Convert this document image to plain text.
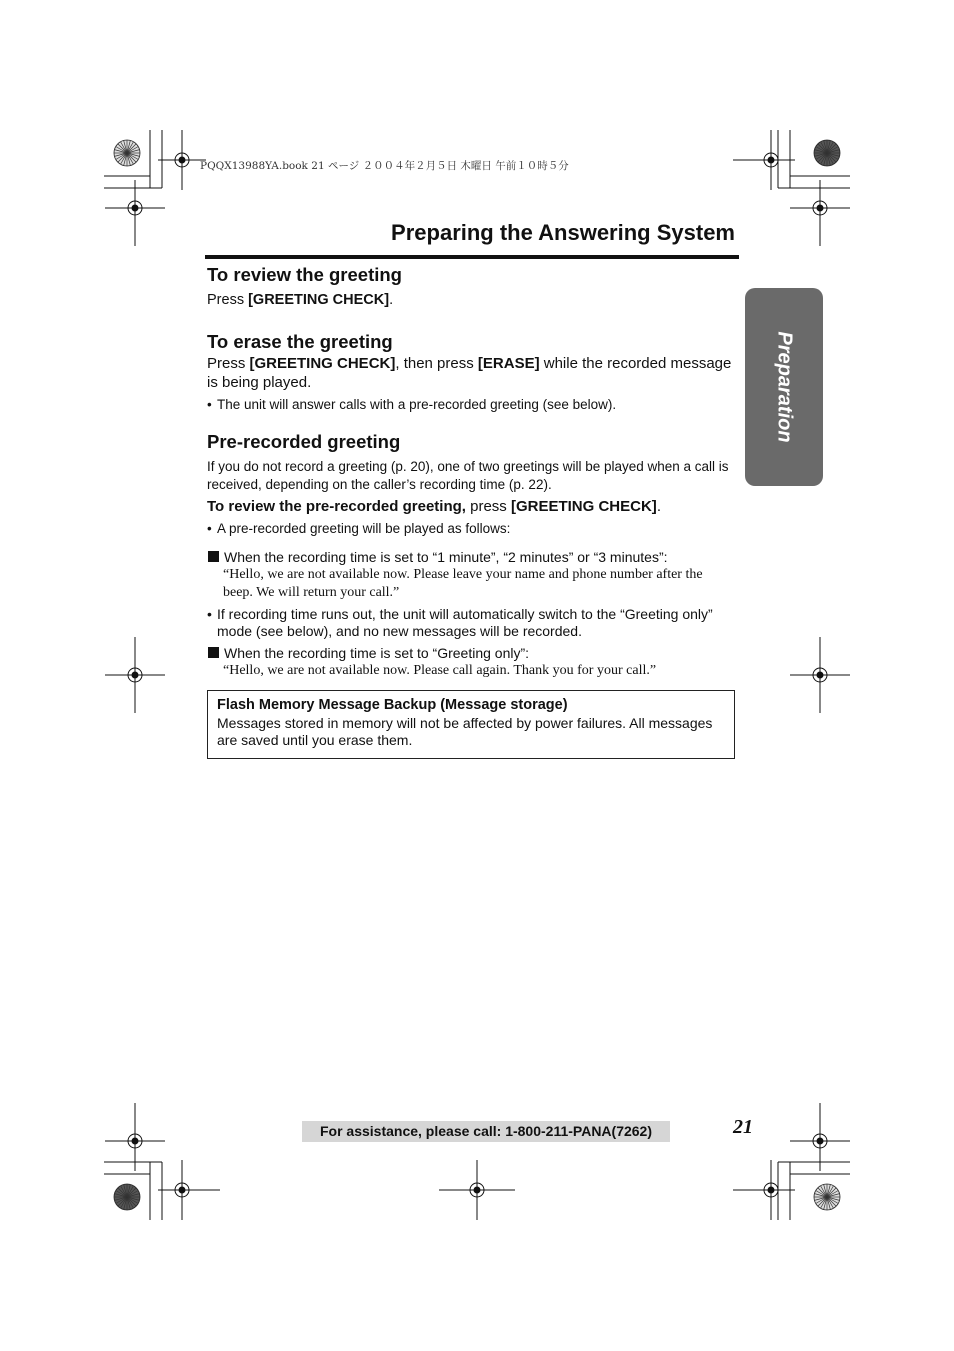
PQQX13988YA.book 21 ページ ２００４年２月５日 木曜日 午前１０時５分
Preparing the Answering System
Preparation
To review the greeting

Press [GREETING CHECK].

To erase the greeting

Press [GREETING CHECK], then press [ERASE] while the recorded message is being played.

• The unit will answer calls with a pre-recorded greeting (see below).
Pre-recorded greeting

If you do not record a greeting (p. 20), one of two greetings will be played when a call is received, depending on the caller’s recording time (p. 22).

To review the pre-recorded greeting, press [GREETING CHECK].

• A pre-recorded greeting will be played as follows:
When the recording time is set to “1 minute”, “2 minutes” or “3 minutes”:

“Hello, we are not available now. Please leave your name and phone number after the beep. We will return your call.”

• If recording time runs out, the unit will automatically switch to the “Greeting only” mode (see below), and no new messages will be recorded.
When the recording time is set to “Greeting only”:

“Hello, we are not available now. Please call again. Thank you for your call.”

Flash Memory Message Backup (Message storage)
Messages stored in memory will not be affected by power failures. All messages are saved until you erase them.
For assistance, please call: 1-800-211-PANA(7262)	21
